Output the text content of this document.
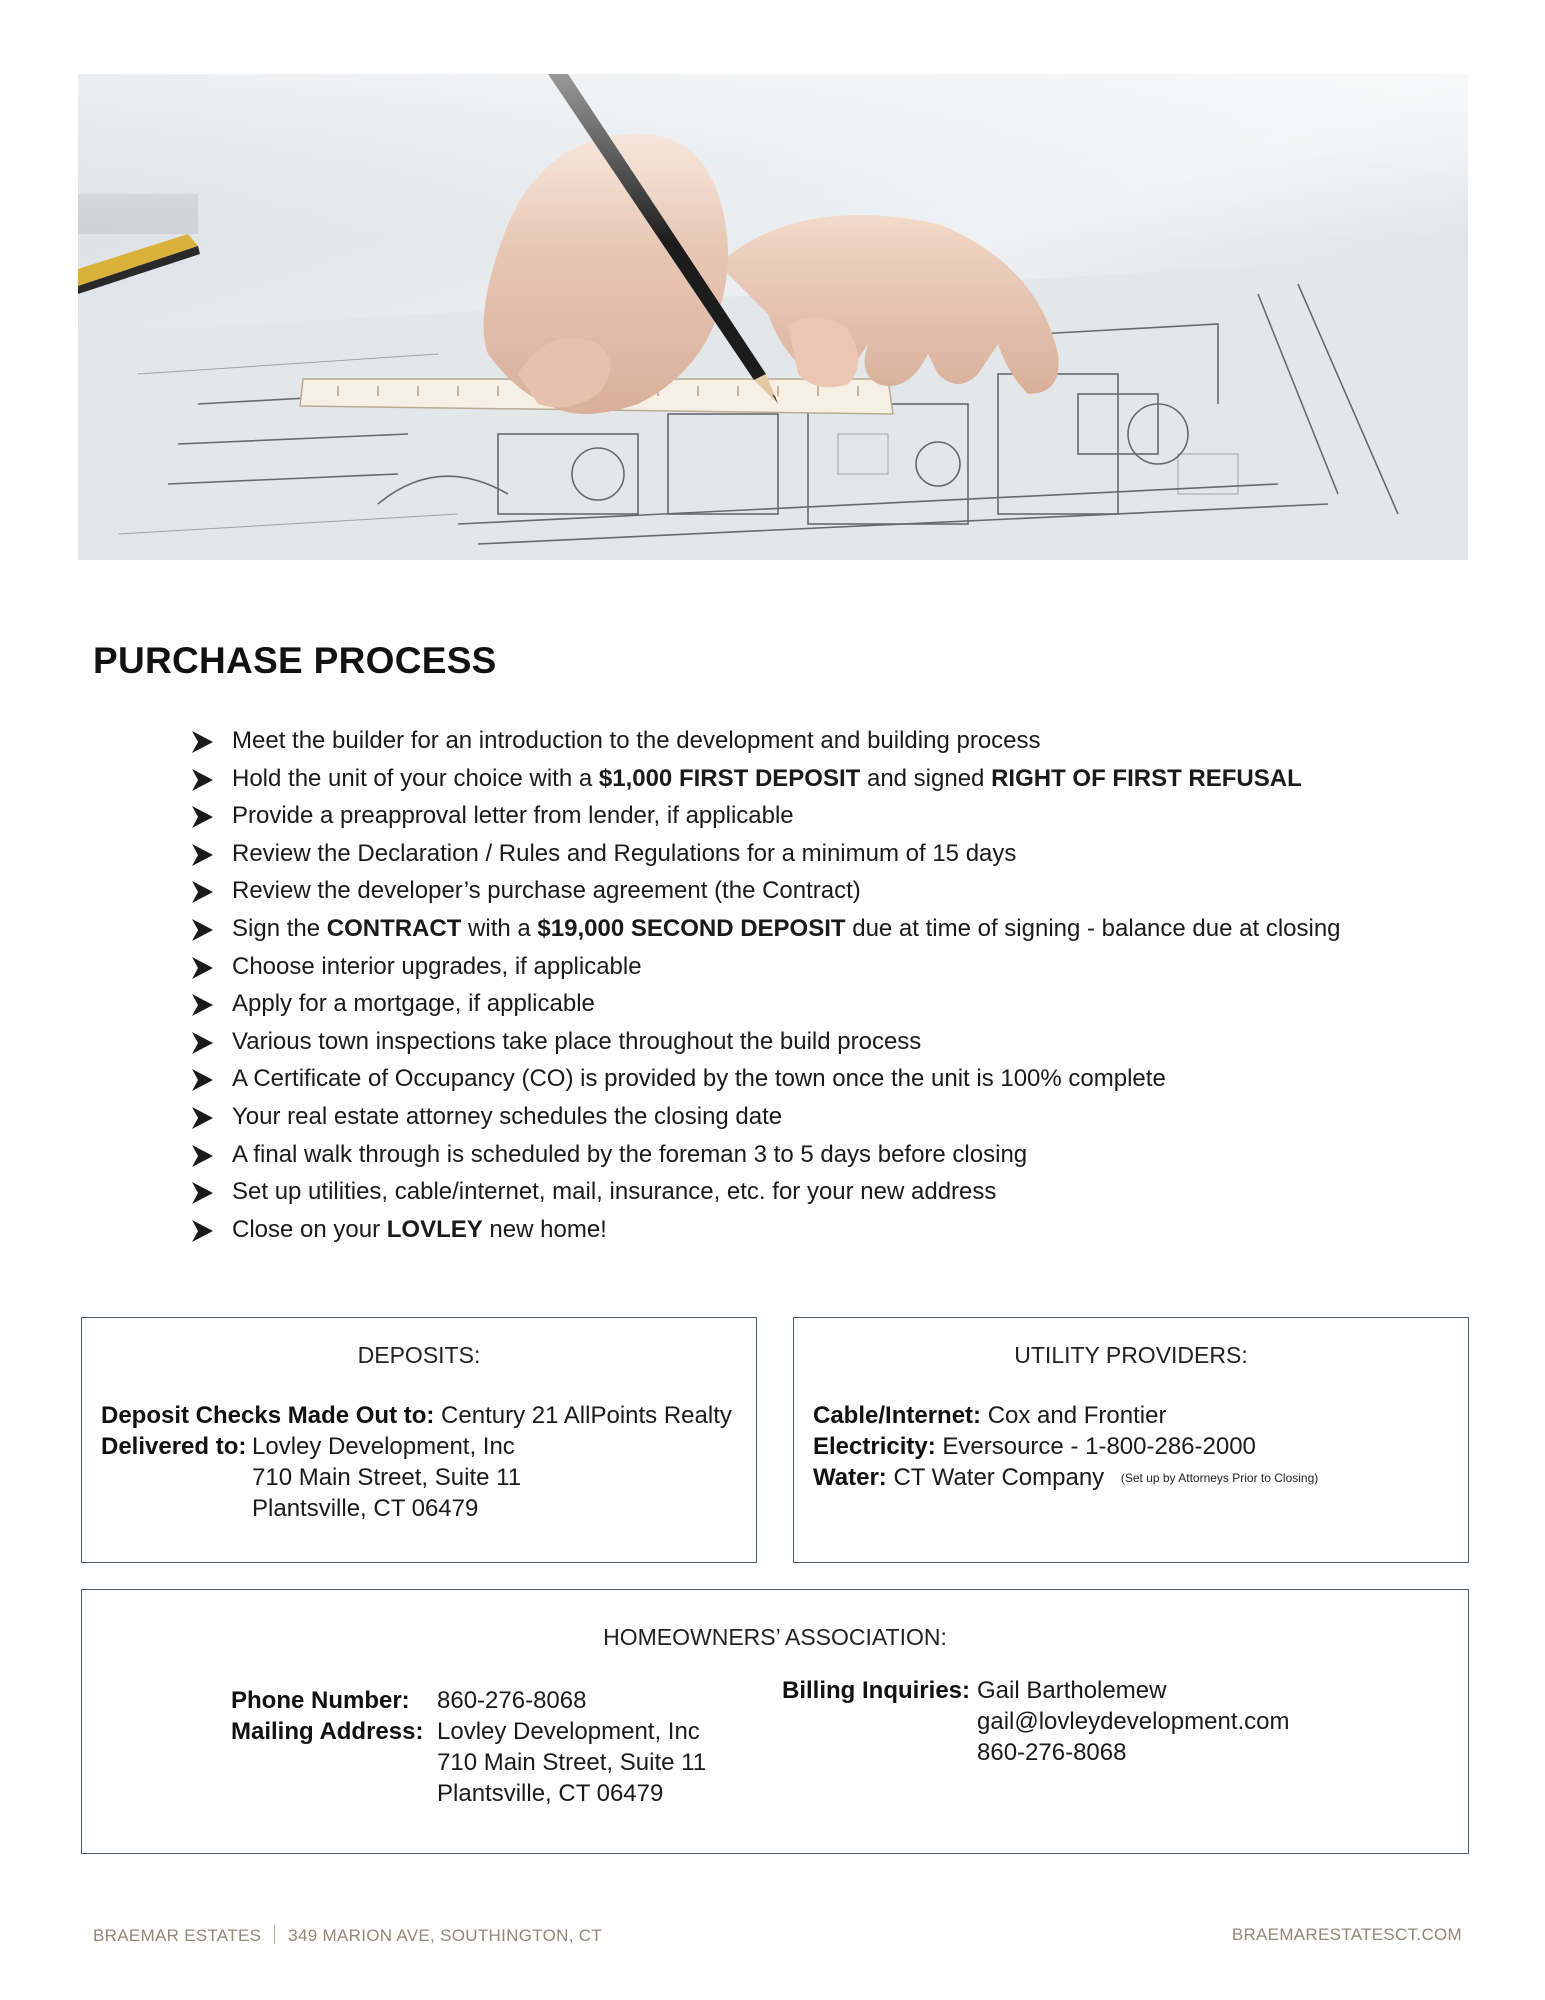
PURCHASE PROCESS
Meet the builder for an introduction to the development and building process
Hold the unit of your choice with a $1,000 FIRST DEPOSIT and signed RIGHT OF FIRST REFUSAL
Provide a preapproval letter from lender, if applicable
Review the Declaration / Rules and Regulations for a minimum of 15 days
Review the developer’s purchase agreement (the Contract)
Sign the CONTRACT with a $19,000 SECOND DEPOSIT due at time of signing - balance due at closing
Choose interior upgrades, if applicable
Apply for a mortgage, if applicable
Various town inspections take place throughout the build process
A Certificate of Occupancy (CO) is provided by the town once the unit is 100% complete
Your real estate attorney schedules the closing date
A final walk through is scheduled by the foreman 3 to 5 days before closing
Set up utilities, cable/internet, mail, insurance, etc. for your new address
Close on your LOVLEY new home!
DEPOSITS:
Deposit Checks Made Out to: Century 21 AllPoints Realty
Delivered to: Lovley Development, Inc
710 Main Street, Suite 11
Plantsville, CT 06479
UTILITY PROVIDERS:
Cable/Internet: Cox and Frontier
Electricity: Eversource - 1-800-286-2000
Water: CT Water Company (Set up by Attorneys Prior to Closing)
HOMEOWNERS’ ASSOCIATION:
Phone Number: 860-276-8068
Mailing Address: Lovley Development, Inc
710 Main Street, Suite 11
Plantsville, CT 06479
Billing Inquiries: Gail Bartholemew
gail@lovleydevelopment.com
860-276-8068
BRAEMAR ESTATES 349 MARION AVE, SOUTHINGTON, CT	BRAEMARESTATESCT.COM
